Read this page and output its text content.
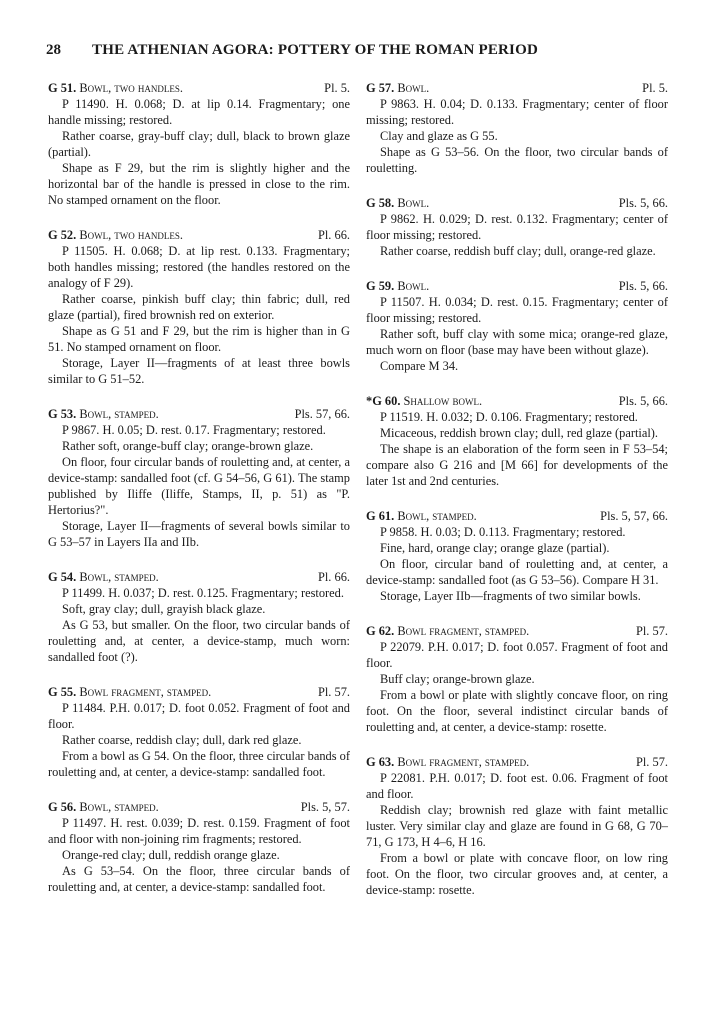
28 THE ATHENIAN AGORA: POTTERY OF THE ROMAN PERIOD
G 51. Bowl, two handles.	Pl. 5.

P 11490. H. 0.068; D. at lip 0.14. Fragmentary; one handle missing; restored.

Rather coarse, gray-buff clay; dull, black to brown glaze (partial).

Shape as F 29, but the rim is slightly higher and the horizontal bar of the handle is pressed in close to the rim. No stamped ornament on the floor.

G 52. Bowl, two handles.	Pl. 66.

P 11505. H. 0.068; D. at lip rest. 0.133. Fragmentary; both handles missing; restored (the handles restored on the analogy of F 29).

Rather coarse, pinkish buff clay; thin fabric; dull, red glaze (partial), fired brownish red on exterior.

Shape as G 51 and F 29, but the rim is higher than in G 51. No stamped ornament on floor.

Storage, Layer II—fragments of at least three bowls similar to G 51–52.

G 53. Bowl, stamped.	Pls. 57, 66.

P 9867. H. 0.05; D. rest. 0.17. Fragmentary; restored.

Rather soft, orange-buff clay; orange-brown glaze.

On floor, four circular bands of rouletting and, at center, a device-stamp: sandalled foot (cf. G 54–56, G 61). The stamp published by Iliffe (Iliffe, Stamps, II, p. 51) as "P. Hertorius?".

Storage, Layer II—fragments of several bowls similar to G 53–57 in Layers IIa and IIb.

G 54. Bowl, stamped.	Pl. 66.

P 11499. H. 0.037; D. rest. 0.125. Fragmentary; restored.

Soft, gray clay; dull, grayish black glaze.

As G 53, but smaller. On the floor, two circular bands of rouletting and, at center, a device-stamp, much worn: sandalled foot (?).

G 55. Bowl fragment, stamped.	Pl. 57.

P 11484. P.H. 0.017; D. foot 0.052. Fragment of foot and floor.

Rather coarse, reddish clay; dull, dark red glaze.

From a bowl as G 54. On the floor, three circular bands of rouletting and, at center, a device-stamp: sandalled foot.

G 56. Bowl, stamped.	Pls. 5, 57.

P 11497. H. rest. 0.039; D. rest. 0.159. Fragment of foot and floor with non-joining rim fragments; restored.

Orange-red clay; dull, reddish orange glaze.

As G 53–54. On the floor, three circular bands of rouletting and, at center, a device-stamp: sandalled foot.

G 57. Bowl.	Pl. 5.

P 9863. H. 0.04; D. 0.133. Fragmentary; center of floor missing; restored.

Clay and glaze as G 55.

Shape as G 53–56. On the floor, two circular bands of rouletting.

G 58. Bowl.	Pls. 5, 66.

P 9862. H. 0.029; D. rest. 0.132. Fragmentary; center of floor missing; restored.

Rather coarse, reddish buff clay; dull, orange-red glaze.

G 59. Bowl.	Pls. 5, 66.

P 11507. H. 0.034; D. rest. 0.15. Fragmentary; center of floor missing; restored.

Rather soft, buff clay with some mica; orange-red glaze, much worn on floor (base may have been without glaze).

Compare M 34.

*G 60. Shallow bowl.	Pls. 5, 66.

P 11519. H. 0.032; D. 0.106. Fragmentary; restored.

Micaceous, reddish brown clay; dull, red glaze (partial).

The shape is an elaboration of the form seen in F 53–54; compare also G 216 and [M 66] for developments of the later 1st and 2nd centuries.

G 61. Bowl, stamped.	Pls. 5, 57, 66.

P 9858. H. 0.03; D. 0.113. Fragmentary; restored.

Fine, hard, orange clay; orange glaze (partial).

On floor, circular band of rouletting and, at center, a device-stamp: sandalled foot (as G 53–56). Compare H 31.

Storage, Layer IIb—fragments of two similar bowls.

G 62. Bowl fragment, stamped.	Pl. 57.

P 22079. P.H. 0.017; D. foot 0.057. Fragment of foot and floor.

Buff clay; orange-brown glaze.

From a bowl or plate with slightly concave floor, on ring foot. On the floor, several indistinct circular bands of rouletting and, at center, a device-stamp: rosette.

G 63. Bowl fragment, stamped.	Pl. 57.

P 22081. P.H. 0.017; D. foot est. 0.06. Fragment of foot and floor.

Reddish clay; brownish red glaze with faint metallic luster. Very similar clay and glaze are found in G 68, G 70–71, G 173, H 4–6, H 16.

From a bowl or plate with concave floor, on low ring foot. On the floor, two circular grooves and, at center, a device-stamp: rosette.
